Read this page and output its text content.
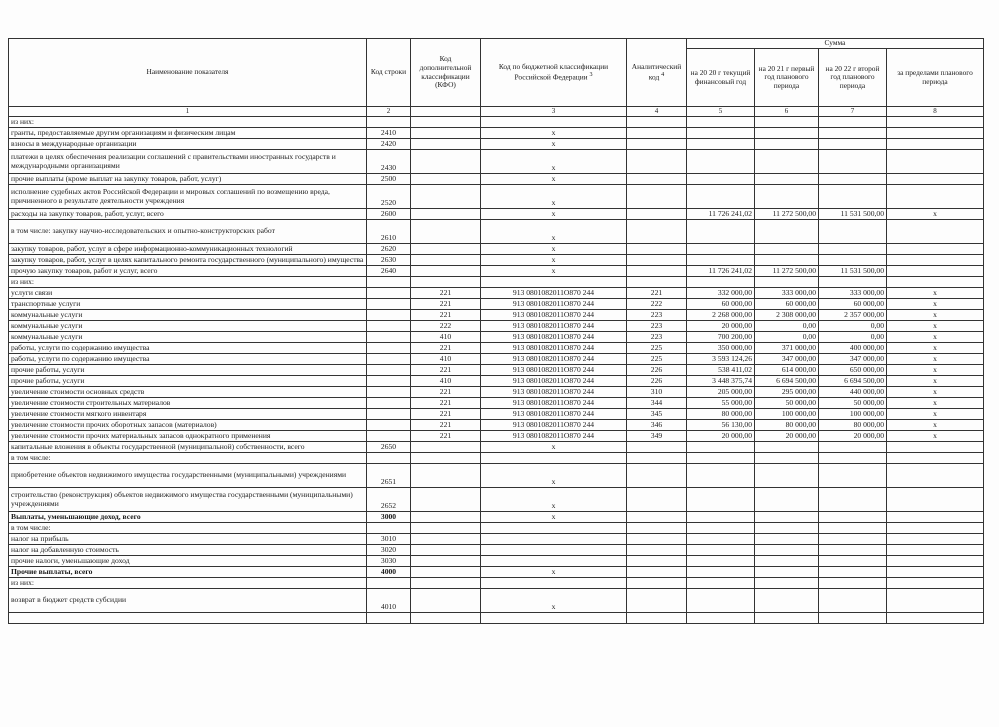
Наименование показателя	Код строки	Код дополнительной классификации (КФО)	Код по бюджетной классификации Российской Федерации $^3$	Аналитический код $^4$	Сумма			
					на 20 20 г текущий финансовый год	на 20 21 г первый год планового периода	на 20 22 г второй год планового периода	за пределами планового периода
1	2		3	4	5	6	7	8
из них:								
гранты, предоставляемые другим организациям и физическим лицам	2410		х					
взносы в международные организации	2420		х					
платежи в целях обеспечения реализации соглашений с правительствами иностранных государств и международными организациями	2430		х					
прочие выплаты (кроме выплат на закупку товаров, работ, услуг)	2500		х					
исполнение судебных актов Российской Федерации и мировых соглашений по возмещению вреда, причиненного в результате деятельности учреждения	2520		х					
расходы на закупку товаров, работ, услуг, всего	2600		х		11 726 241,02	11 272 500,00	11 531 500,00	х
в том числе: закупку научно-исследовательских и опытно-конструкторских работ	2610		х					
закупку товаров, работ, услуг в сфере информационно-коммуникационных технологий	2620		х					
закупку товаров, работ, услуг в целях капитального ремонта государственного (муниципального) имущества	2630		х					
прочую закупку товаров, работ и услуг, всего	2640		х		11 726 241,02	11 272 500,00	11 531 500,00	
из них:								
услуги связи		221	913 0801082011О870 244	221	332 000,00	333 000,00	333 000,00	х
транспортные услуги		221	913 0801082011О870 244	222	60 000,00	60 000,00	60 000,00	х
коммунальные услуги		221	913 0801082011О870 244	223	2 268 000,00	2 308 000,00	2 357 000,00	х
коммунальные услуги		222	913 0801082011О870 244	223	20 000,00	0,00	0,00	х
коммунальные услуги		410	913 0801082011О870 244	223	700 200,00	0,00	0,00	х
работы, услуги по содержанию имущества		221	913 0801082011О870 244	225	350 000,00	371 000,00	400 000,00	х
работы, услуги по содержанию имущества		410	913 0801082011О870 244	225	3 593 124,26	347 000,00	347 000,00	х
прочие работы, услуги		221	913 0801082011О870 244	226	538 411,02	614 000,00	650 000,00	х
прочие работы, услуги		410	913 0801082011О870 244	226	3 448 375,74	6 694 500,00	6 694 500,00	х
увеличение стоимости основных средств		221	913 0801082011О870 244	310	205 000,00	295 000,00	440 000,00	х
увеличение стоимости строительных материалов		221	913 0801082011О870 244	344	55 000,00	50 000,00	50 000,00	х
увеличение стоимости мягкого инвентаря		221	913 0801082011О870 244	345	80 000,00	100 000,00	100 000,00	х
увеличение стоимости прочих оборотных запасов (материалов)		221	913 0801082011О870 244	346	56 130,00	80 000,00	80 000,00	х
увеличение стоимости прочих материальных запасов однократного применения		221	913 0801082011О870 244	349	20 000,00	20 000,00	20 000,00	х
капитальные вложения в объекты государственной (муниципальной) собственности, всего	2650		х					
в том числе:								
приобретение объектов недвижимого имущества государственными (муниципальными) учреждениями	2651		х					
строительство (реконструкция) объектов недвижимого имущества государственными (муниципальными) учреждениями	2652		х					
Выплаты, уменьшающие доход, всего	3000		х					
в том числе:								
налог на прибыль	3010							
налог на добавленную стоимость	3020							
прочие налоги, уменьшающие доход	3030							
Прочие выплаты, всего	4000		х					
из них:								
возврат в бюджет средств субсидии	4010		х					
